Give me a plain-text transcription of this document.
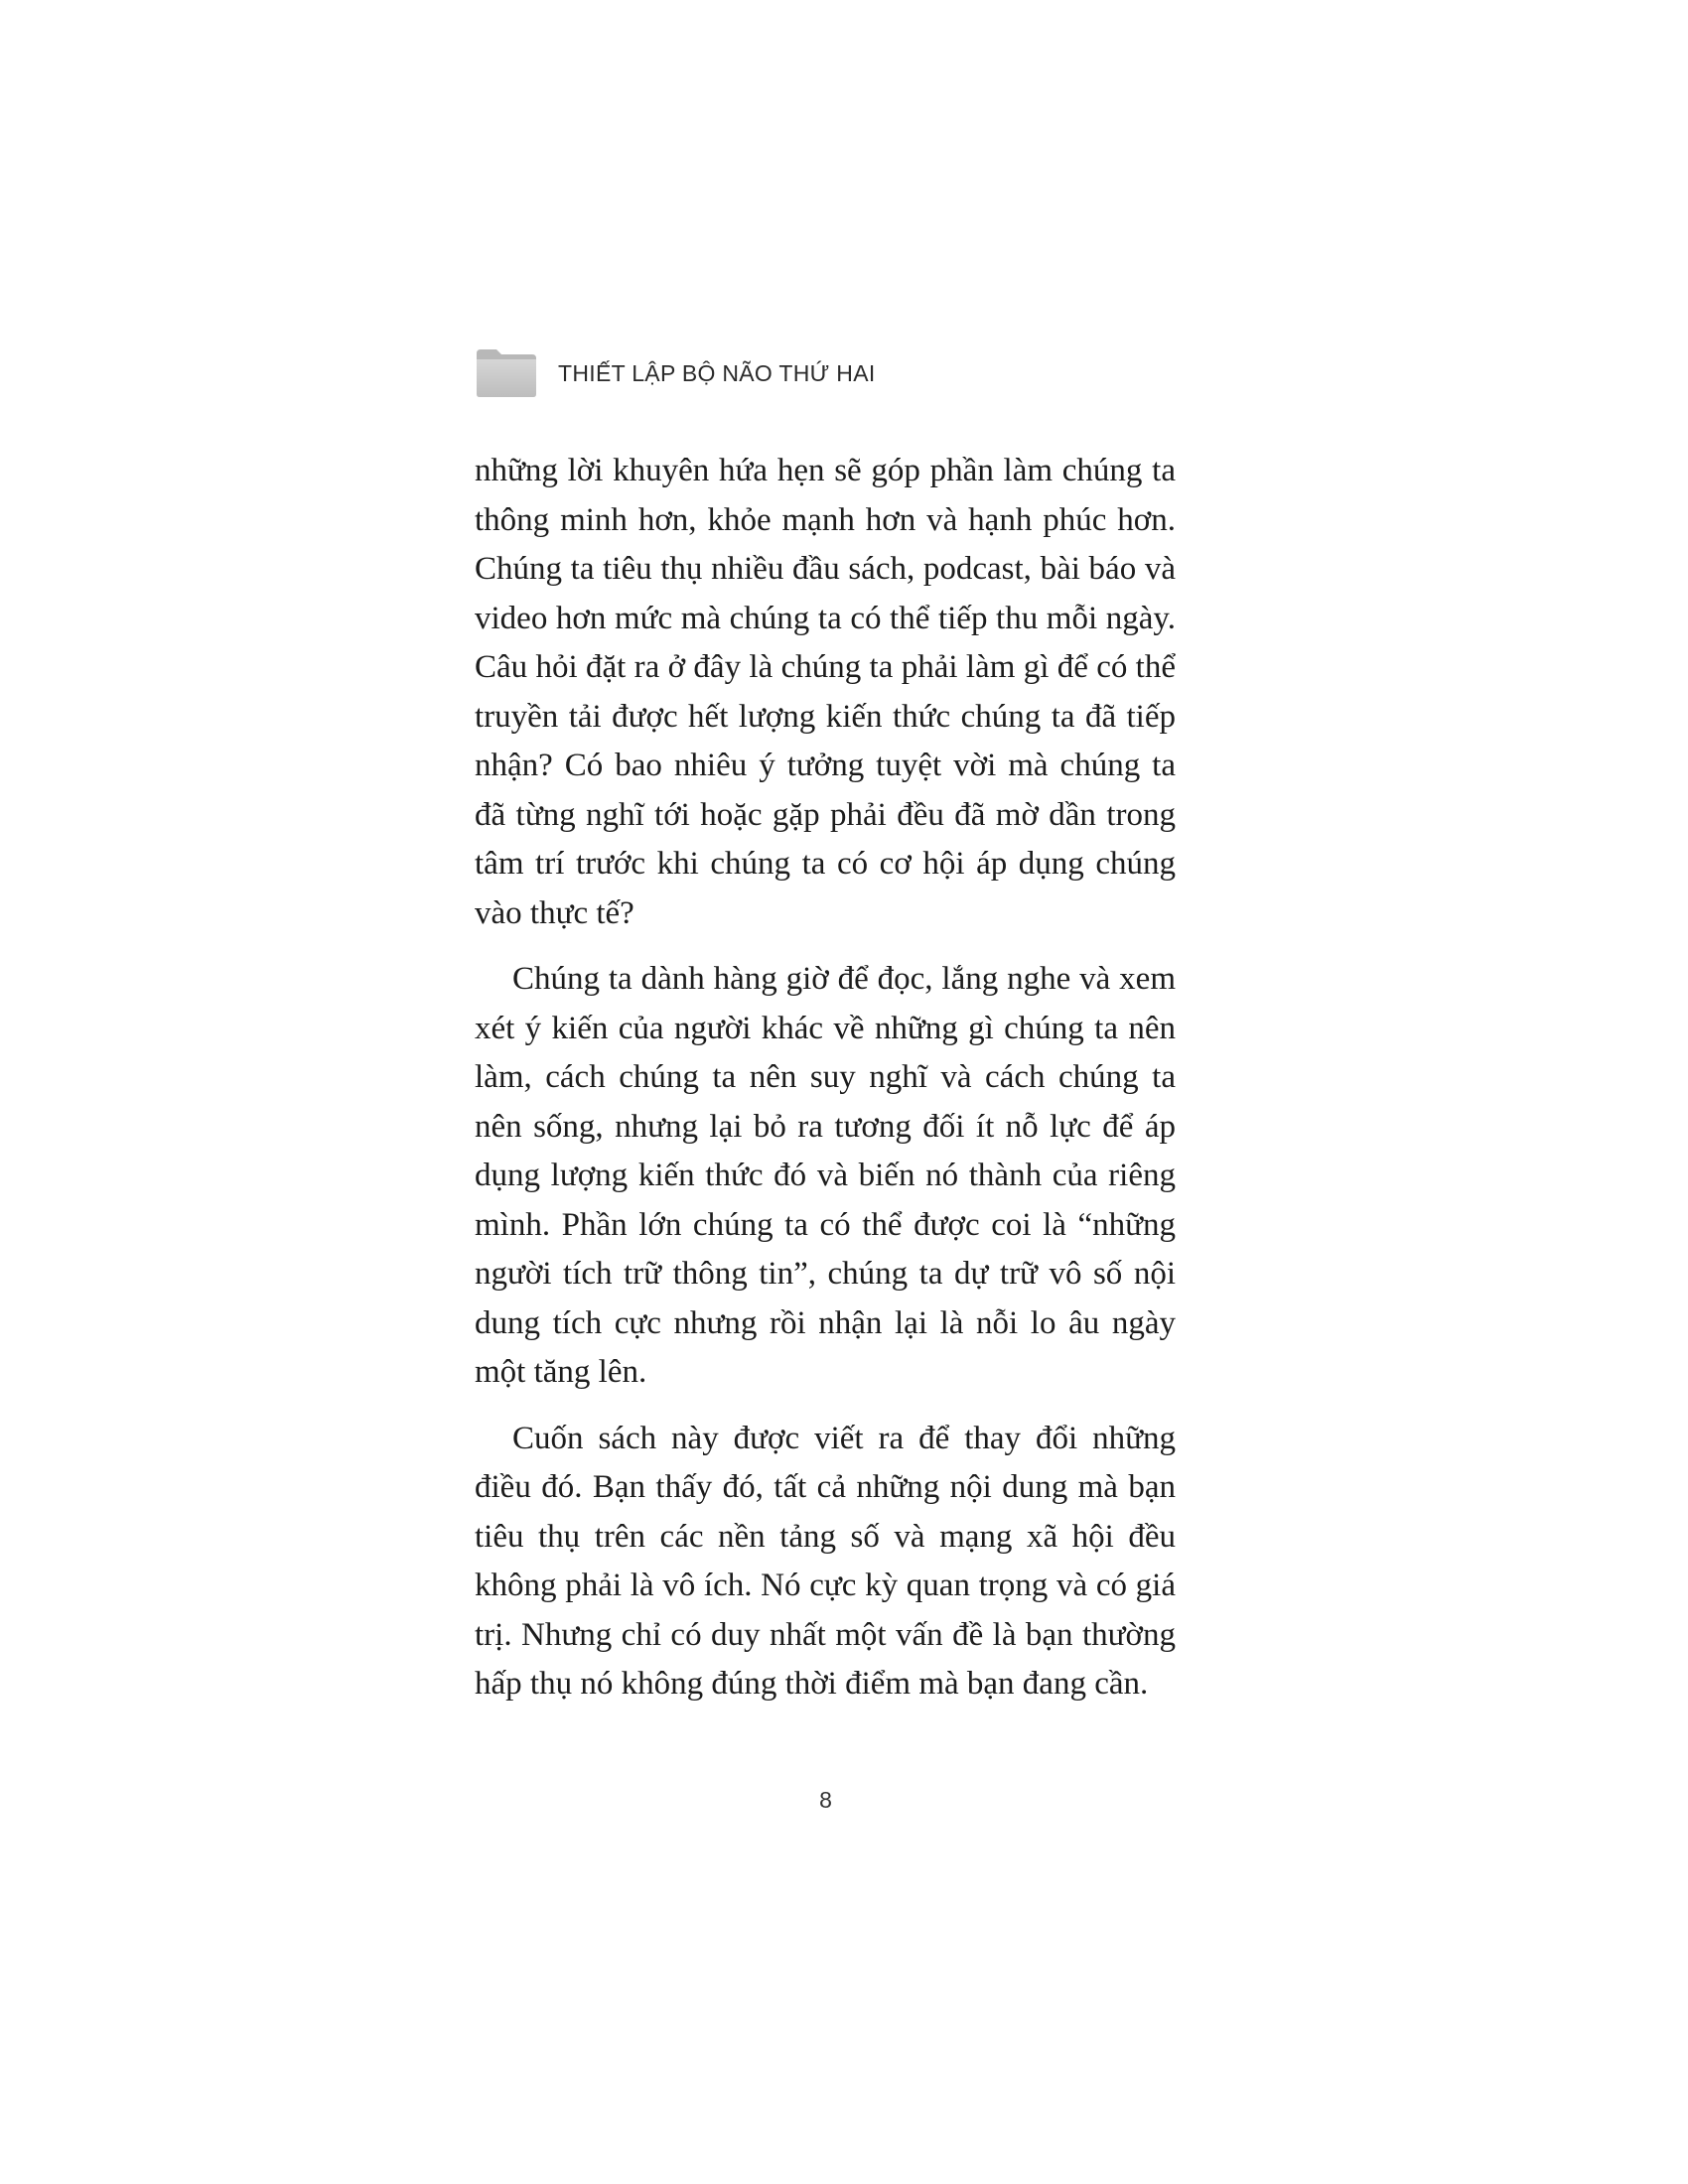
THIẾT LẬP BỘ NÃO THỨ HAI

những lời khuyên hứa hẹn sẽ góp phần làm chúng ta thông minh hơn, khỏe mạnh hơn và hạnh phúc hơn. Chúng ta tiêu thụ nhiều đầu sách, podcast, bài báo và video hơn mức mà chúng ta có thể tiếp thu mỗi ngày. Câu hỏi đặt ra ở đây là chúng ta phải làm gì để có thể truyền tải được hết lượng kiến thức chúng ta đã tiếp nhận? Có bao nhiêu ý tưởng tuyệt vời mà chúng ta đã từng nghĩ tới hoặc gặp phải đều đã mờ dần trong tâm trí trước khi chúng ta có cơ hội áp dụng chúng vào thực tế?

Chúng ta dành hàng giờ để đọc, lắng nghe và xem xét ý kiến của người khác về những gì chúng ta nên làm, cách chúng ta nên suy nghĩ và cách chúng ta nên sống, nhưng lại bỏ ra tương đối ít nỗ lực để áp dụng lượng kiến thức đó và biến nó thành của riêng mình. Phần lớn chúng ta có thể được coi là “những người tích trữ thông tin”, chúng ta dự trữ vô số nội dung tích cực nhưng rồi nhận lại là nỗi lo âu ngày một tăng lên.

Cuốn sách này được viết ra để thay đổi những điều đó. Bạn thấy đó, tất cả những nội dung mà bạn tiêu thụ trên các nền tảng số và mạng xã hội đều không phải là vô ích. Nó cực kỳ quan trọng và có giá trị. Nhưng chỉ có duy nhất một vấn đề là bạn thường hấp thụ nó không đúng thời điểm mà bạn đang cần.

8
